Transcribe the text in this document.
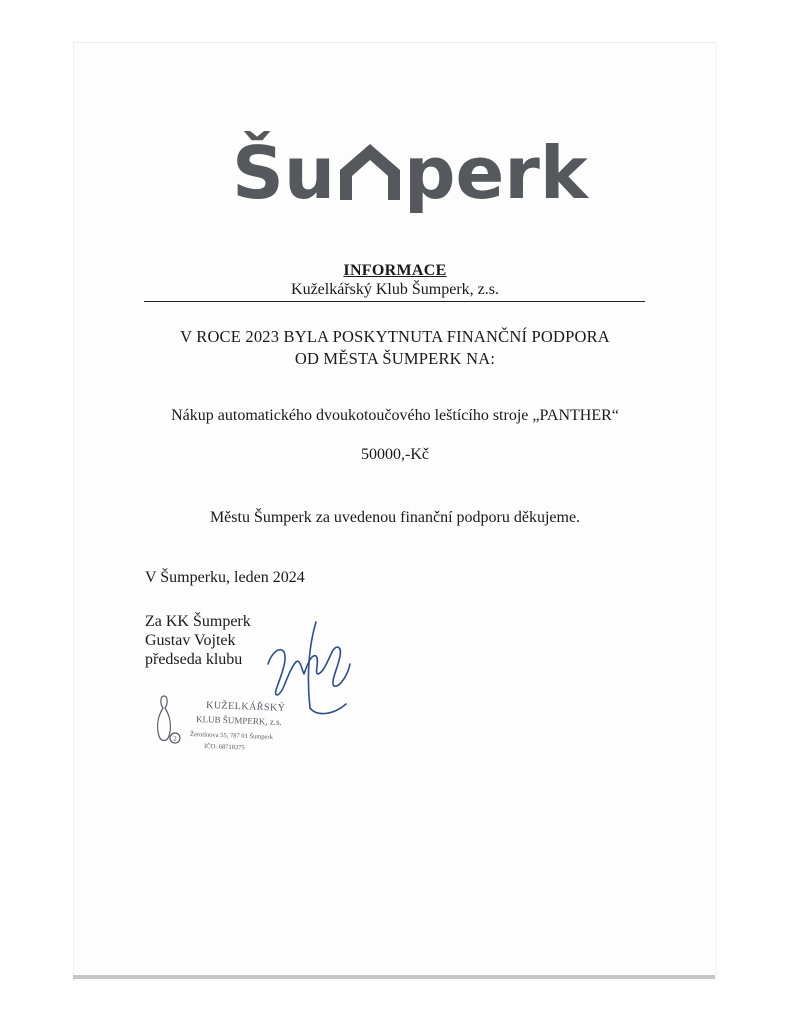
Šu perk
INFORMACE
Kuželkářský Klub Šumperk, z.s.
V ROCE 2023 BYLA POSKYTNUTA FINANČNÍ PODPORA
OD MĚSTA ŠUMPERK NA:
Nákup automatického dvoukotoučového leštícího stroje „PANTHER“
50000,-Kč
Městu Šumperk za uvedenou finanční podporu děkujeme.
V Šumperku, leden 2024
Za KK Šumperk
Gustav Vojtek
předseda klubu
2
KUŽELKÁŘSKÝ
KLUB ŠUMPERK, z.s.
Žerotínova 55, 787 01 Šumperk
IČO: 68718375
